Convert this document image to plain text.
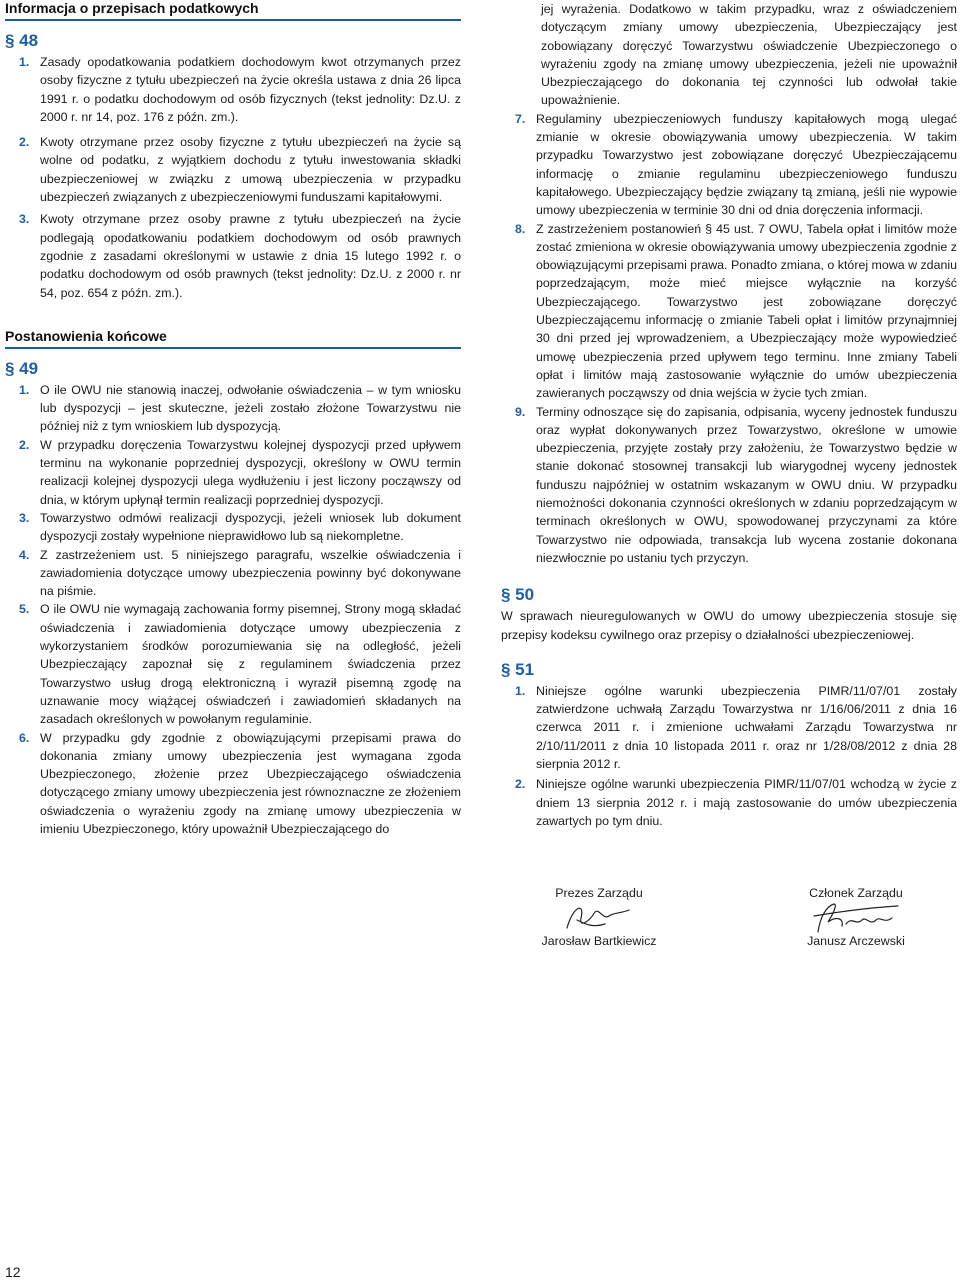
Informacja o przepisach podatkowych
§ 48
1. Zasady opodatkowania podatkiem dochodowym kwot otrzymanych przez osoby fizyczne z tytułu ubezpieczeń na życie określa ustawa z dnia 26 lipca 1991 r. o podatku dochodowym od osób fizycznych (tekst jednolity: Dz.U. z 2000 r. nr 14, poz. 176 z późn. zm.).
2. Kwoty otrzymane przez osoby fizyczne z tytułu ubezpieczeń na życie są wolne od podatku, z wyjątkiem dochodu z tytułu inwestowania składki ubezpieczeniowej w związku z umową ubezpieczenia w przypadku ubezpieczeń związanych z ubezpieczeniowymi funduszami kapitałowymi.
3. Kwoty otrzymane przez osoby prawne z tytułu ubezpieczeń na życie podlegają opodatkowaniu podatkiem dochodowym od osób prawnych zgodnie z zasadami określonymi w ustawie z dnia 15 lutego 1992 r. o podatku dochodowym od osób prawnych (tekst jednolity: Dz.U. z 2000 r. nr 54, poz. 654 z późn. zm.).
Postanowienia końcowe
§ 49
1. O ile OWU nie stanowią inaczej, odwołanie oświadczenia – w tym wniosku lub dyspozycji – jest skuteczne, jeżeli zostało złożone Towarzystwu nie później niż z tym wnioskiem lub dyspozycją.
2. W przypadku doręczenia Towarzystwu kolejnej dyspozycji przed upływem terminu na wykonanie poprzedniej dyspozycji, określony w OWU termin realizacji kolejnej dyspozycji ulega wydłużeniu i jest liczony począwszy od dnia, w którym upłynął termin realizacji poprzedniej dyspozycji.
3. Towarzystwo odmówi realizacji dyspozycji, jeżeli wniosek lub dokument dyspozycji zostały wypełnione nieprawidłowo lub są niekompletne.
4. Z zastrzeżeniem ust. 5 niniejszego paragrafu, wszelkie oświadczenia i zawiadomienia dotyczące umowy ubezpieczenia powinny być dokonywane na piśmie.
5. O ile OWU nie wymagają zachowania formy pisemnej, Strony mogą składać oświadczenia i zawiadomienia dotyczące umowy ubezpieczenia z wykorzystaniem środków porozumiewania się na odległość, jeżeli Ubezpieczający zapoznał się z regulaminem świadczenia przez Towarzystwo usług drogą elektroniczną i wyraził pisemną zgodę na uznawanie mocy wiążącej oświadczeń i zawiadomień składanych na zasadach określonych w powołanym regulaminie.
6. W przypadku gdy zgodnie z obowiązującymi przepisami prawa do dokonania zmiany umowy ubezpieczenia jest wymagana zgoda Ubezpieczonego, złożenie przez Ubezpieczającego oświadczenia dotyczącego zmiany umowy ubezpieczenia jest równoznaczne ze złożeniem oświadczenia o wyrażeniu zgody na zmianę umowy ubezpieczenia w imieniu Ubezpieczonego, który upoważnił Ubezpieczającego do

jej wyrażenia. Dodatkowo w takim przypadku, wraz z oświadczeniem dotyczącym zmiany umowy ubezpieczenia, Ubezpieczający jest zobowiązany doręczyć Towarzystwu oświadczenie Ubezpieczonego o wyrażeniu zgody na zmianę umowy ubezpieczenia, jeżeli nie upoważnił Ubezpieczającego do dokonania tej czynności lub odwołał takie upoważnienie.

7. Regulaminy ubezpieczeniowych funduszy kapitałowych mogą ulegać zmianie w okresie obowiązywania umowy ubezpieczenia. W takim przypadku Towarzystwo jest zobowiązane doręczyć Ubezpieczającemu informację o zmianie regulaminu ubezpieczeniowego funduszu kapitałowego. Ubezpieczający będzie związany tą zmianą, jeśli nie wypowie umowy ubezpieczenia w terminie 30 dni od dnia doręczenia informacji.
8. Z zastrzeżeniem postanowień § 45 ust. 7 OWU, Tabela opłat i limitów może zostać zmieniona w okresie obowiązywania umowy ubezpieczenia zgodnie z obowiązującymi przepisami prawa. Ponadto zmiana, o której mowa w zdaniu poprzedzającym, może mieć miejsce wyłącznie na korzyść Ubezpieczającego. Towarzystwo jest zobowiązane doręczyć Ubezpieczającemu informację o zmianie Tabeli opłat i limitów przynajmniej 30 dni przed jej wprowadzeniem, a Ubezpieczający może wypowiedzieć umowę ubezpieczenia przed upływem tego terminu. Inne zmiany Tabeli opłat i limitów mają zastosowanie wyłącznie do umów ubezpieczenia zawieranych począwszy od dnia wejścia w życie tych zmian.
9. Terminy odnoszące się do zapisania, odpisania, wyceny jednostek funduszu oraz wypłat dokonywanych przez Towarzystwo, określone w umowie ubezpieczenia, przyjęte zostały przy założeniu, że Towarzystwo będzie w stanie dokonać stosownej transakcji lub wiarygodnej wyceny jednostek funduszu najpóźniej w ostatnim wskazanym w OWU dniu. W przypadku niemożności dokonania czynności określonych w zdaniu poprzedzającym w terminach określonych w OWU, spowodowanej przyczynami za które Towarzystwo nie odpowiada, transakcja lub wycena zostanie dokonana niezwłocznie po ustaniu tych przyczyn.
§ 50

W sprawach nieuregulowanych w OWU do umowy ubezpieczenia stosuje się przepisy kodeksu cywilnego oraz przepisy o działalności ubezpieczeniowej.

§ 51
1. Niniejsze ogólne warunki ubezpieczenia PIMR/11/07/01 zostały zatwierdzone uchwałą Zarządu Towarzystwa nr 1/16/06/2011 z dnia 16 czerwca 2011 r. i zmienione uchwałami Zarządu Towarzystwa nr 2/10/11/2011 z dnia 10 listopada 2011 r. oraz nr 1/28/08/2012 z dnia 28 sierpnia 2012 r.
2. Niniejsze ogólne warunki ubezpieczenia PIMR/11/07/01 wchodzą w życie z dniem 13 sierpnia 2012 r. i mają zastosowanie do umów ubezpieczenia zawartych po tym dniu.
Prezes Zarządu
Jarosław Bartkiewicz
Członek Zarządu
Janusz Arczewski
12
